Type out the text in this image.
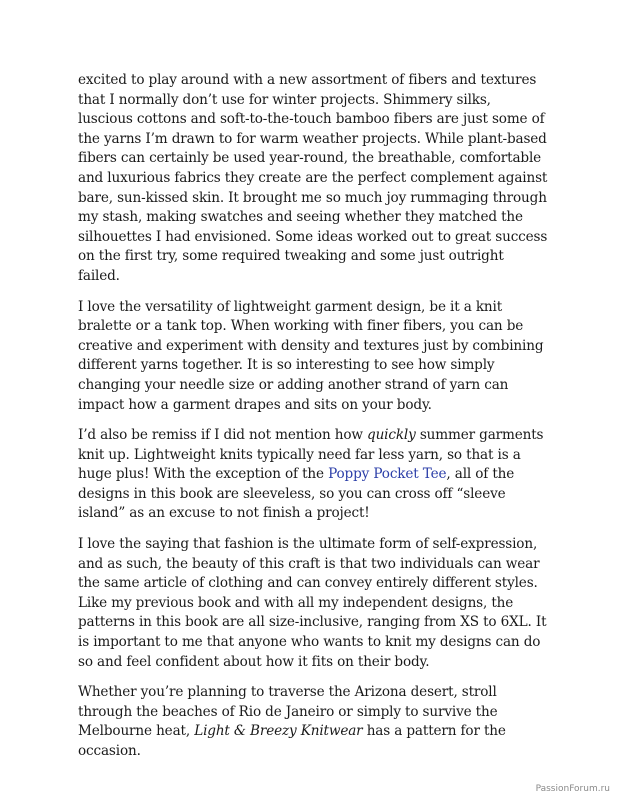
excited to play around with a new assortment of fibers and textures that I normally don’t use for winter projects. Shimmery silks, luscious cottons and soft-to-the-touch bamboo fibers are just some of the yarns I’m drawn to for warm weather projects. While plant-based fibers can certainly be used year-round, the breathable, comfortable and luxurious fabrics they create are the perfect complement against bare, sun-kissed skin. It brought me so much joy rummaging through my stash, making swatches and seeing whether they matched the silhouettes I had envisioned. Some ideas worked out to great success on the first try, some required tweaking and some just outright failed.

I love the versatility of lightweight garment design, be it a knit bralette or a tank top. When working with finer fibers, you can be creative and experiment with density and textures just by combining different yarns together. It is so interesting to see how simply changing your needle size or adding another strand of yarn can impact how a garment drapes and sits on your body.

I’d also be remiss if I did not mention how quickly summer garments knit up. Lightweight knits typically need far less yarn, so that is a huge plus! With the exception of the Poppy Pocket Tee, all of the designs in this book are sleeveless, so you can cross off “sleeve island” as an excuse to not finish a project!

I love the saying that fashion is the ultimate form of self-expression, and as such, the beauty of this craft is that two individuals can wear the same article of clothing and can convey entirely different styles. Like my previous book and with all my independent designs, the patterns in this book are all size-inclusive, ranging from XS to 6XL. It is important to me that anyone who wants to knit my designs can do so and feel confident about how it fits on their body.

Whether you’re planning to traverse the Arizona desert, stroll through the beaches of Rio de Janeiro or simply to survive the Melbourne heat, Light & Breezy Knitwear has a pattern for the occasion.

PassionForum.ru
